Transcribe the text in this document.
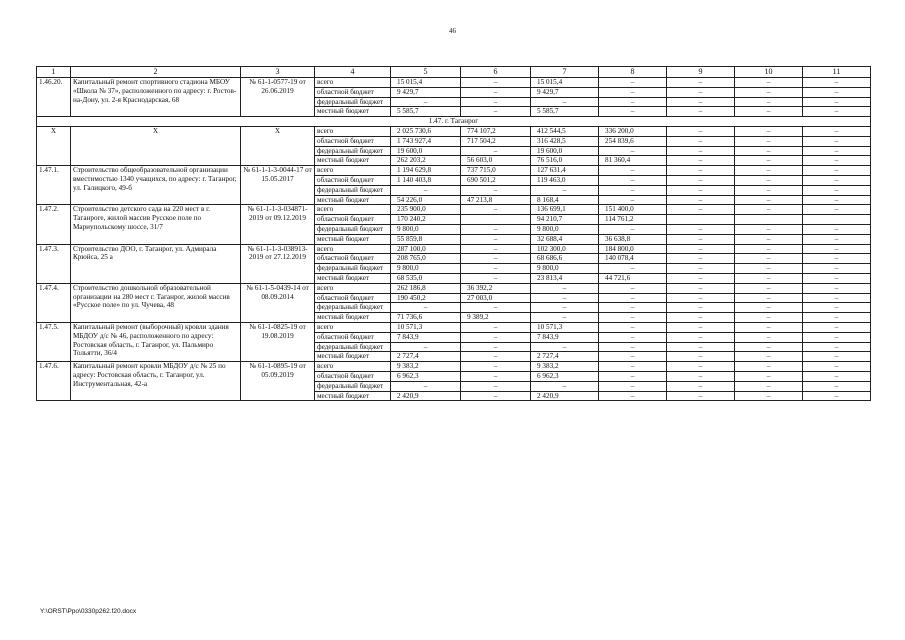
46
1	2	3	4	5	6	7	8	9	10	11
1.46.20.	Капитальный ремонт спортивного стадиона МБОУ «Школа № 37», расположенного по адресу: г. Ростов-на-Дону, ул. 2-я Краснодарская, 68	№ 61-1-0577-19 от 26.06.2019	всего	15 015,4	–	15 015,4	–	–	–	–
			областной бюджет	9 429,7	–	9 429,7	–	–	–	–
			федеральный бюджет	–	–	–	–	–	–	–
			местный бюджет	5 585,7	–	5 585,7	–	–	–	–
1.47. г. Таганрог										
Х	Х	Х	всего	2 025 730,6	774 107,2	412 544,5	336 200,0	–	–	–
			областной бюджет	1 743 927,4	717 504,2	316 428,5	254 839,6	–	–	–
			федеральный бюджет	19 600,0	–	19 600,0	–	–	–	–
			местный бюджет	262 203,2	56 603,0	76 516,0	81 360,4	–	–	–
1.47.1.	Строительство общеобразовательной организации вместимостью 1340 учащихся, по адресу: г. Таганрог, ул. Галицкого, 49-б	№ 61-1-1-3-0044-17 от 15.05.2017	всего	1 194 629,8	737 715,0	127 631,4	–	–	–	–
			областной бюджет	1 140 403,8	690 501,2	119 463,0	–	–	–	–
			федеральный бюджет	–	–	–	–	–	–	–
			местный бюджет	54 226,0	47 213,8	8 168,4	–	–	–	–
1.47.2.	Строительство детского сада на 220 мест в г. Таганроге, жилой массив Русское поле по Мариупольскому шоссе, 31/7	№ 61-1-1-3-034871-2019 от 09.12.2019	всего	235 900,0	–	136 699,1	151 400,0	–	–	–
			областной бюджет	170 240,2		94 210,7	114 761,2			
			федеральный бюджет	9 800,0	–	9 800,0	–	–	–	–
			местный бюджет	55 859,8	–	32 688,4	36 638,8	–	–	–
1.47.3.	Строительство ДОО, г. Таганрог, ул. Адмирала Крюйса, 25 а	№ 61-1-1-3-038913-2019 от 27.12.2019	всего	287 100,0	–	102 300,0	184 800,0	–	–	–
			областной бюджет	208 765,0	–	68 686,6	140 078,4	–	–	–
			федеральный бюджет	9 800,0	–	9 800,0	–	–	–	–
			местный бюджет	68 535,0	–	23 813,4	44 721,6	–	–	–
1.47.4.	Строительство дошкольной образовательной организации на 280 мест г. Таганрог, жилой массив «Русское поле» по ул. Чучева, 48	№ 61-1-5-0439-14 от 08.09.2014	всего	262 186,8	36 392,2	–	–	–	–	–
			областной бюджет	190 450,2	27 003,0	–	–	–	–	–
			федеральный бюджет	–	–	–	–	–	–	–
			местный бюджет	71 736,6	9 389,2	–	–	–	–	–
1.47.5.	Капитальный ремонт (выборочный) кровли здания МБДОУ д/с № 46, расположенного по адресу: Ростовская область, г. Таганрог, ул. Пальмиро Тольятти, 36/4	№ 61-1-0825-19 от 19.08.2019	всего	10 571,3	–	10 571,3	–	–	–	–
			областной бюджет	7 843,9	–	7 843,9	–	–	–	–
			федеральный бюджет	–	–	–	–	–	–	–
			местный бюджет	2 727,4	–	2 727,4	–	–	–	–
1.47.6.	Капитальный ремонт кровли МБДОУ д/с № 25 по адресу: Ростовская область, г. Таганрог, ул. Инструментальная, 42-а	№ 61-1-0895-19 от 05.09.2019	всего	9 383,2	–	9 383,2	–	–	–	–
			областной бюджет	6 962,3	–	6 962,3	–	–	–	–
			федеральный бюджет	–	–	–	–	–	–	–
			местный бюджет	2 420,9	–	2 420,9	–	–	–	–
Y:\ORST\Ppo\0330p262.f20.docx
